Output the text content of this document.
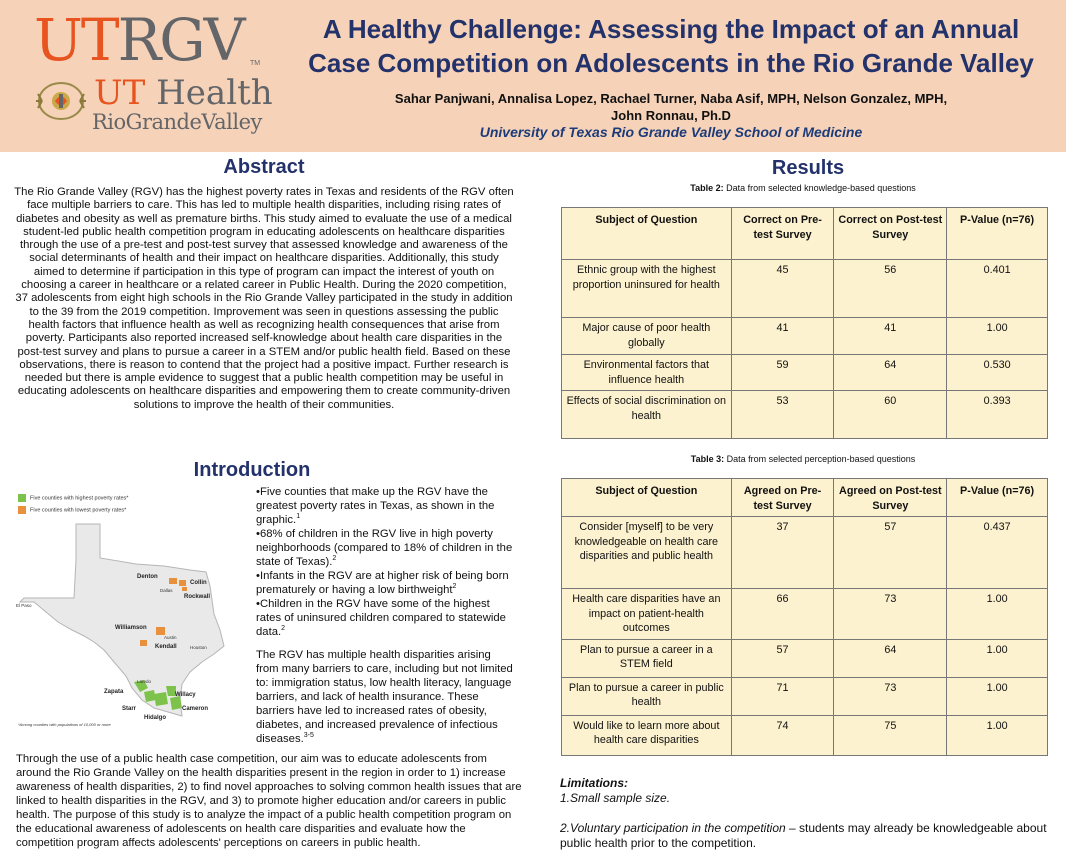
UTRGV TM
UT Health
RioGrandeValley
A Healthy Challenge: Assessing the Impact of an Annual
Case Competition on Adolescents in the Rio Grande Valley
Sahar Panjwani, Annalisa Lopez, Rachael Turner, Naba Asif, MPH, Nelson Gonzalez, MPH,
John Ronnau, Ph.D
University of Texas Rio Grande Valley School of Medicine
Abstract
The Rio Grande Valley (RGV) has the highest poverty rates in Texas and residents of the RGV often face multiple barriers to care. This has led to multiple health disparities, including rising rates of diabetes and obesity as well as premature births. This study aimed to evaluate the use of a medical student-led public health competition program in educating adolescents on healthcare disparities through the use of a pre-test and post-test survey that assessed knowledge and awareness of the social determinants of health and their impact on healthcare disparities. Additionally, this study aimed to determine if participation in this type of program can impact the interest of youth on choosing a career in healthcare or a related career in Public Health. During the 2020 competition, 37 adolescents from eight high schools in the Rio Grande Valley participated in the study in addition to the 39 from the 2019 competition. Improvement was seen in questions assessing the public health factors that influence health as well as recognizing health consequences that arise from poverty. Participants also reported increased self-knowledge about health care disparities in the post-test survey and plans to pursue a career in a STEM and/or public health field. Based on these observations, there is reason to contend that the project had a positive impact. Further research is needed but there is ample evidence to suggest that a public health competition may be useful in educating adolescents on healthcare disparities and empowering them to create community-driven solutions to improve the health of their communities.
Introduction
Five counties with highest poverty rates*
Five counties with lowest poverty rates*
Denton
Collin
Rockwall
Williamson
Kendall
Zapata
Starr
Hidalgo
Willacy
Cameron
Dallas
El Paso
Austin
Houston
Laredo
*Among counties with populations of 10,000 or more

•Five counties that make up the RGV have the greatest poverty rates in Texas, as shown in the graphic.$^1$

•68% of children in the RGV live in high poverty neighborhoods (compared to 18% of children in the state of Texas).$^2$

•Infants in the RGV are at higher risk of being born prematurely or having a low birthweight$^2$

•Children in the RGV have some of the highest rates of uninsured children compared to statewide data.$^2$

The RGV has multiple health disparities arising from many barriers to care, including but not limited to: immigration status, low health literacy, language barriers, and lack of health insurance. These barriers have led to increased rates of obesity, diabetes, and increased prevalence of infectious diseases.$^{3-5}$
Through the use of a public health case competition, our aim was to educate adolescents from around the Rio Grande Valley on the health disparities present in the region in order to 1) increase awareness of health disparities, 2) to find novel approaches to solving common health issues that are linked to health disparities in the RGV, and 3) to promote higher education and/or careers in public health. The purpose of this study is to analyze the impact of a public health competition program on the educational awareness of adolescents on health care disparities and evaluate how the competition program affects adolescents' perceptions on careers in public health.
Results
Table 2: Data from selected knowledge-based questions
Subject of Question	Correct on Pre-test Survey	Correct on Post-test Survey	P-Value (n=76)
Ethnic group with the highest proportion uninsured for health	45	56	0.401
Major cause of poor health globally	41	41	1.00
Environmental factors that influence health	59	64	0.530
Effects of social discrimination on health	53	60	0.393
Table 3: Data from selected perception-based questions
Subject of Question	Agreed on Pre-test Survey	Agreed on Post-test Survey	P-Value (n=76)
Consider [myself] to be very knowledgeable on health care disparities and public health	37	57	0.437
Health care disparities have an impact on patient-health outcomes	66	73	1.00
Plan to pursue a career in a STEM field	57	64	1.00
Plan to pursue a career in public health	71	73	1.00
Would like to learn more about health care disparities	74	75	1.00
Limitations:
1.Small sample size.
2.Voluntary participation in the competition – students may already be knowledgeable about public health prior to the competition.
